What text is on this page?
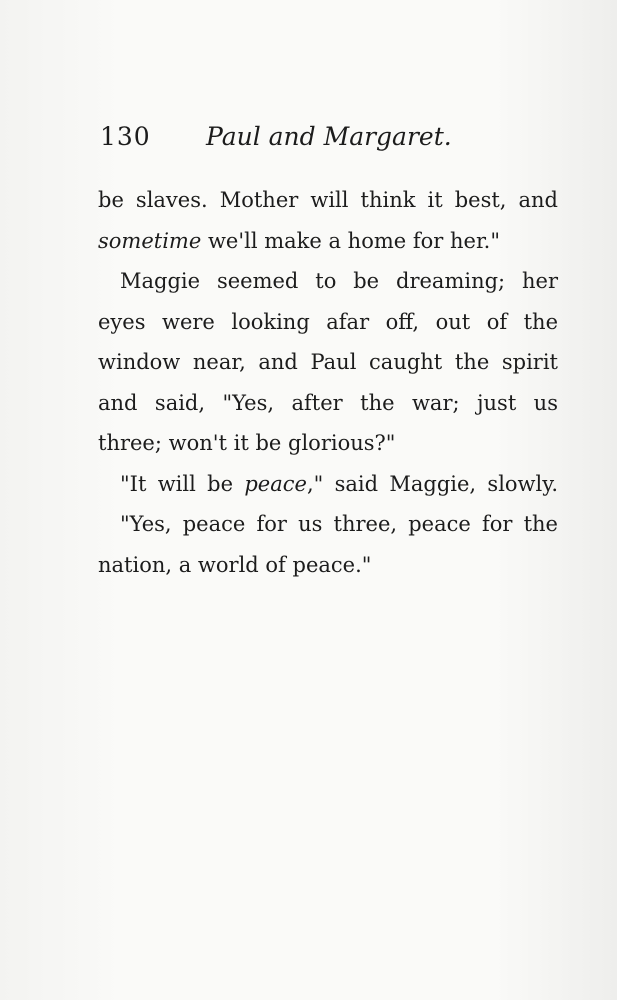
130 Paul and Margaret.
be slaves. Mother will think it best, and
sometime we'll make a home for her."
Maggie seemed to be dreaming; her
eyes were looking afar off, out of the
window near, and Paul caught the spirit
and said, "Yes, after the war; just us
three; won't it be glorious?"
"It will be peace," said Maggie, slowly.
"Yes, peace for us three, peace for the
nation, a world of peace."
